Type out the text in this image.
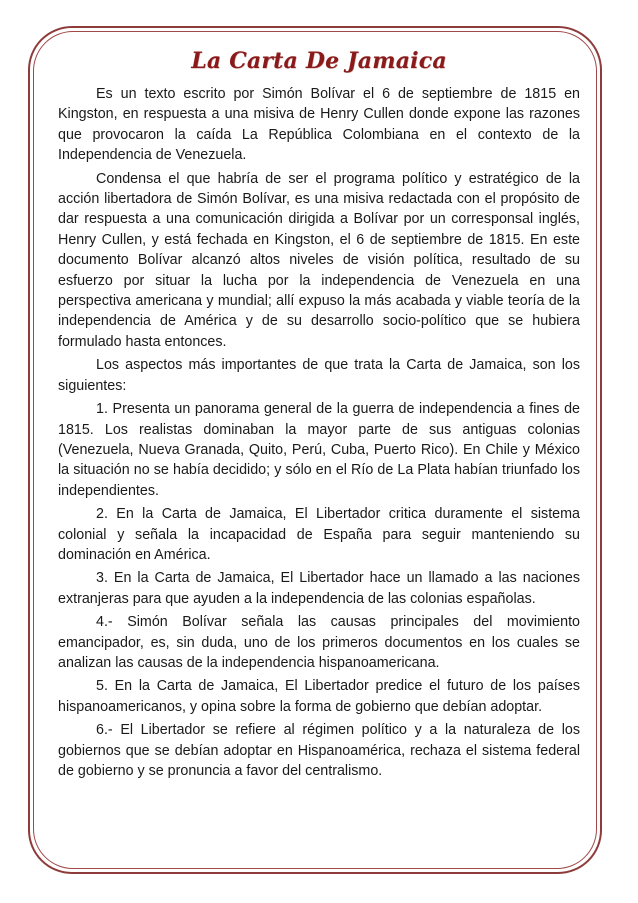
La Carta De Jamaica

Es un texto escrito por Simón Bolívar el 6 de septiembre de 1815 en Kingston, en respuesta a una misiva de Henry Cullen donde expone las razones que provocaron la caída La República Colombiana en el contexto de la Independencia de Venezuela.

Condensa el que habría de ser el programa político y estratégico de la acción libertadora de Simón Bolívar, es una misiva redactada con el propósito de dar respuesta a una comunicación dirigida a Bolívar por un corresponsal inglés, Henry Cullen, y está fechada en Kingston, el 6 de septiembre de 1815. En este documento Bolívar alcanzó altos niveles de visión política, resultado de su esfuerzo por situar la lucha por la independencia de Venezuela en una perspectiva americana y mundial; allí expuso la más acabada y viable teoría de la independencia de América y de su desarrollo socio-político que se hubiera formulado hasta entonces.

Los aspectos más importantes de que trata la Carta de Jamaica, son los siguientes:

1. Presenta un panorama general de la guerra de independencia a fines de 1815. Los realistas dominaban la mayor parte de sus antiguas colonias (Venezuela, Nueva Granada, Quito, Perú, Cuba, Puerto Rico). En Chile y México la situación no se había decidido; y sólo en el Río de La Plata habían triunfado los independientes.

2. En la Carta de Jamaica, El Libertador critica duramente el sistema colonial y señala la incapacidad de España para seguir manteniendo su dominación en América.

3. En la Carta de Jamaica, El Libertador hace un llamado a las naciones extranjeras para que ayuden a la independencia de las colonias españolas.

4.- Simón Bolívar señala las causas principales del movimiento emancipador, es, sin duda, uno de los primeros documentos en los cuales se analizan las causas de la independencia hispanoamericana.

5. En la Carta de Jamaica, El Libertador predice el futuro de los países hispanoamericanos, y opina sobre la forma de gobierno que debían adoptar.

6.- El Libertador se refiere al régimen político y a la naturaleza de los gobiernos que se debían adoptar en Hispanoamérica, rechaza el sistema federal de gobierno y se pronuncia a favor del centralismo.
